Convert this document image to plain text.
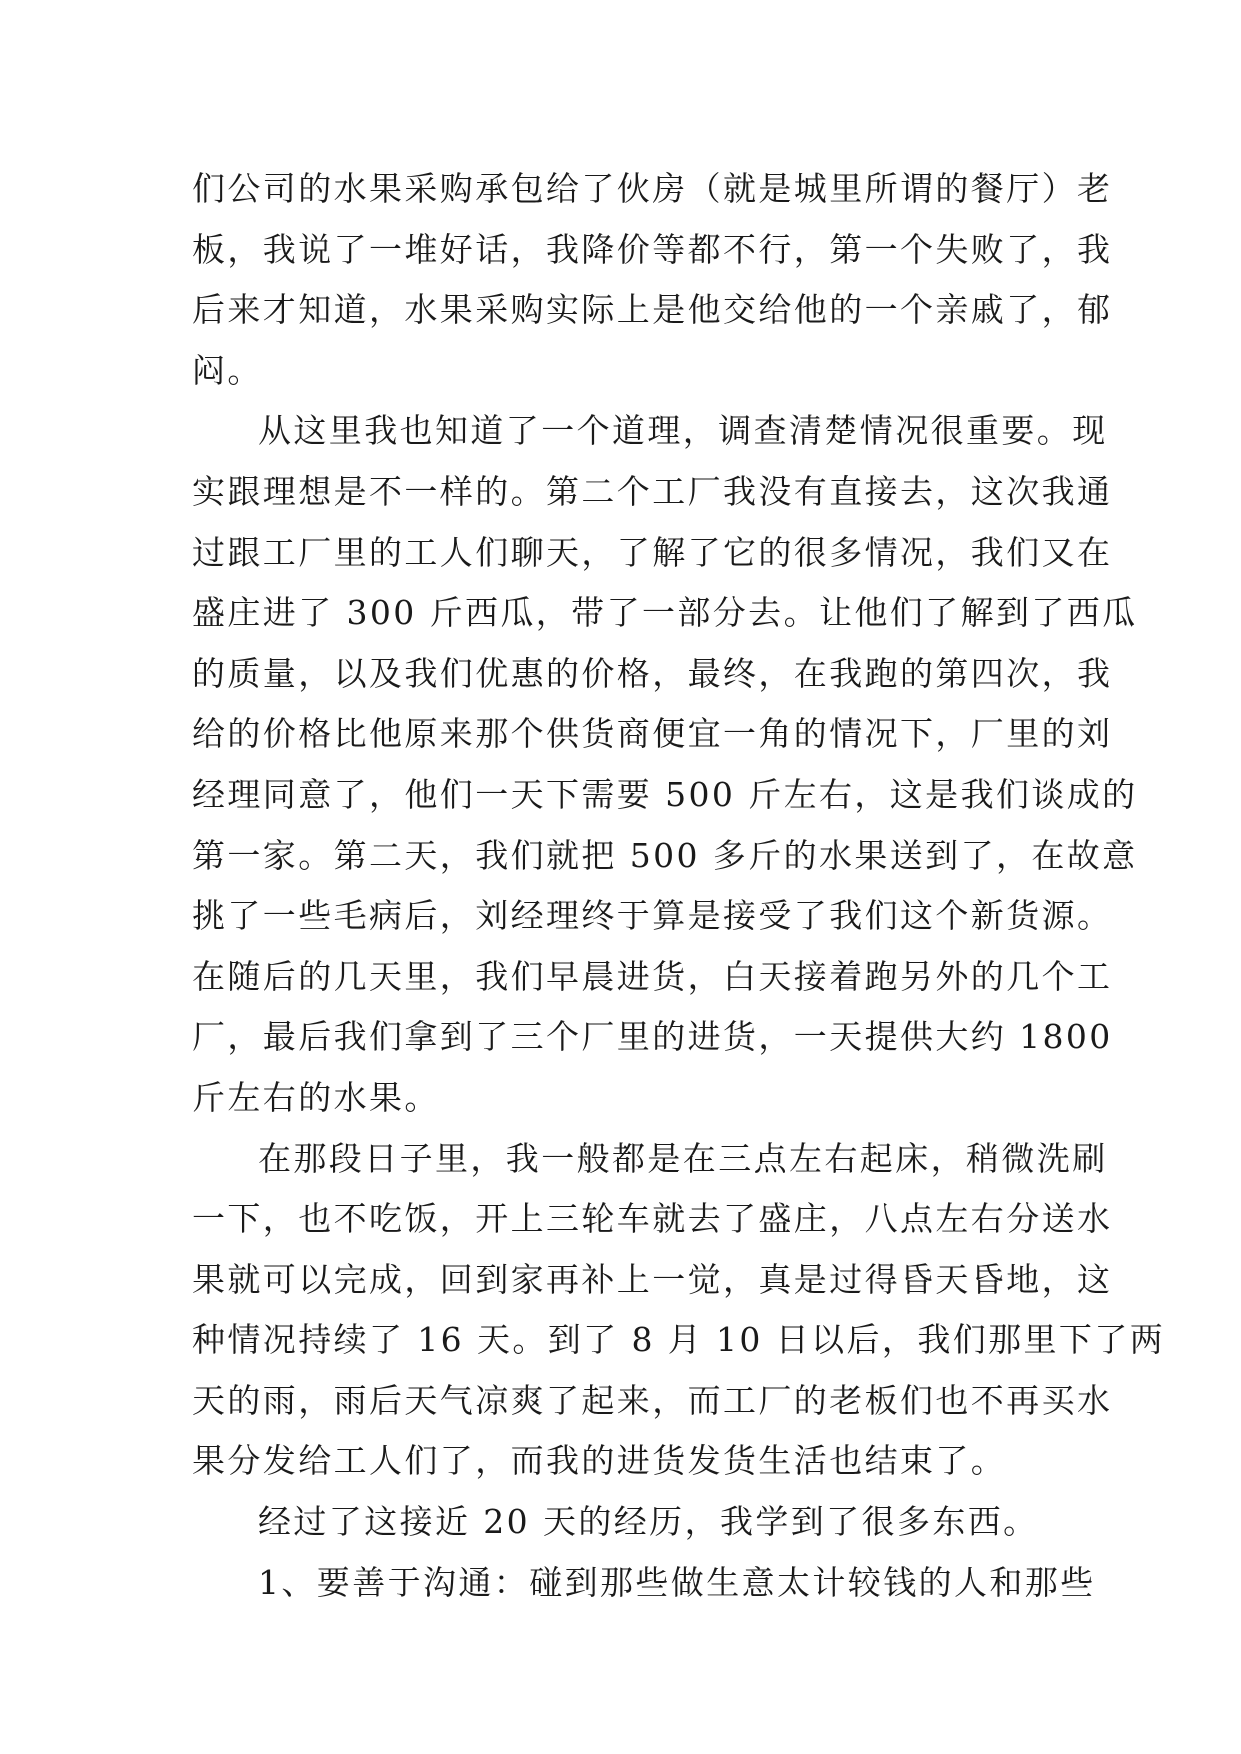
们公司的水果采购承包给了伙房（就是城里所谓的餐厅）老
板，我说了一堆好话，我降价等都不行，第一个失败了，我
后来才知道，水果采购实际上是他交给他的一个亲戚了，郁
闷。
从这里我也知道了一个道理，调查清楚情况很重要。现
实跟理想是不一样的。第二个工厂我没有直接去，这次我通
过跟工厂里的工人们聊天，了解了它的很多情况，我们又在
盛庄进了 300 斤西瓜，带了一部分去。让他们了解到了西瓜
的质量，以及我们优惠的价格，最终，在我跑的第四次，我
给的价格比他原来那个供货商便宜一角的情况下，厂里的刘
经理同意了，他们一天下需要 500 斤左右，这是我们谈成的
第一家。第二天，我们就把 500 多斤的水果送到了，在故意
挑了一些毛病后，刘经理终于算是接受了我们这个新货源。
在随后的几天里，我们早晨进货，白天接着跑另外的几个工
厂，最后我们拿到了三个厂里的进货，一天提供大约 1800
斤左右的水果。
在那段日子里，我一般都是在三点左右起床，稍微洗刷
一下，也不吃饭，开上三轮车就去了盛庄，八点左右分送水
果就可以完成，回到家再补上一觉，真是过得昏天昏地，这
种情况持续了 16 天。到了 8 月 10 日以后，我们那里下了两
天的雨，雨后天气凉爽了起来，而工厂的老板们也不再买水
果分发给工人们了，而我的进货发货生活也结束了。
经过了这接近 20 天的经历，我学到了很多东西。
1、要善于沟通：碰到那些做生意太计较钱的人和那些
